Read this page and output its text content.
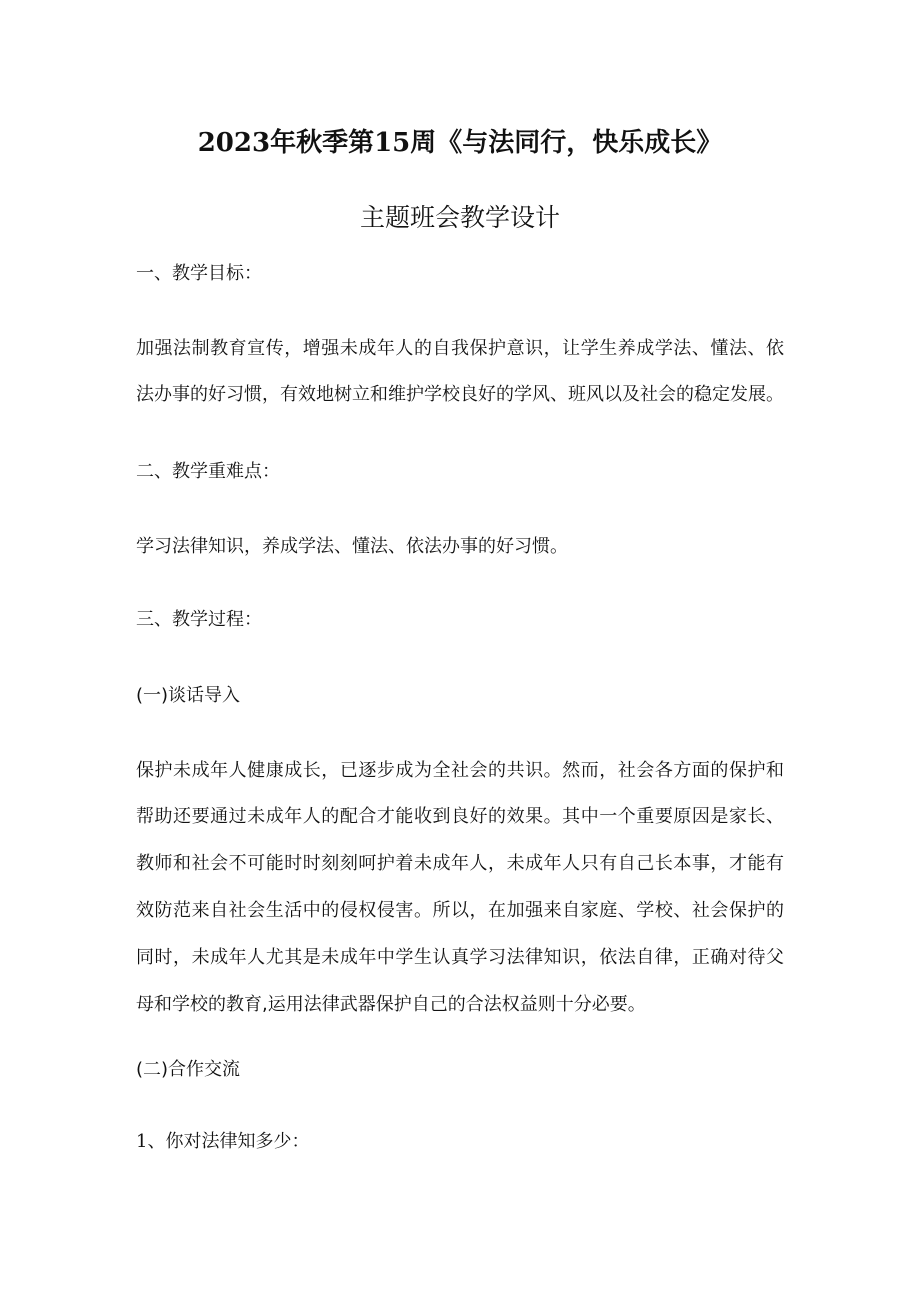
2023年秋季第15周《与法同行，快乐成长》
主题班会教学设计
一、教学目标：
加强法制教育宣传，增强未成年人的自我保护意识，让学生养成学法、懂法、依
法办事的好习惯，有效地树立和维护学校良好的学风、班风以及社会的稳定发展。
二、教学重难点：
学习法律知识，养成学法、懂法、依法办事的好习惯。
三、教学过程：
(一)谈话导入
保护未成年人健康成长，已逐步成为全社会的共识。然而，社会各方面的保护和
帮助还要通过未成年人的配合才能收到良好的效果。其中一个重要原因是家长、
教师和社会不可能时时刻刻呵护着未成年人，未成年人只有自己长本事，才能有
效防范来自社会生活中的侵权侵害。所以，在加强来自家庭、学校、社会保护的
同时，未成年人尤其是未成年中学生认真学习法律知识，依法自律，正确对待父
母和学校的教育,运用法律武器保护自己的合法权益则十分必要。
(二)合作交流
1、你对法律知多少：
